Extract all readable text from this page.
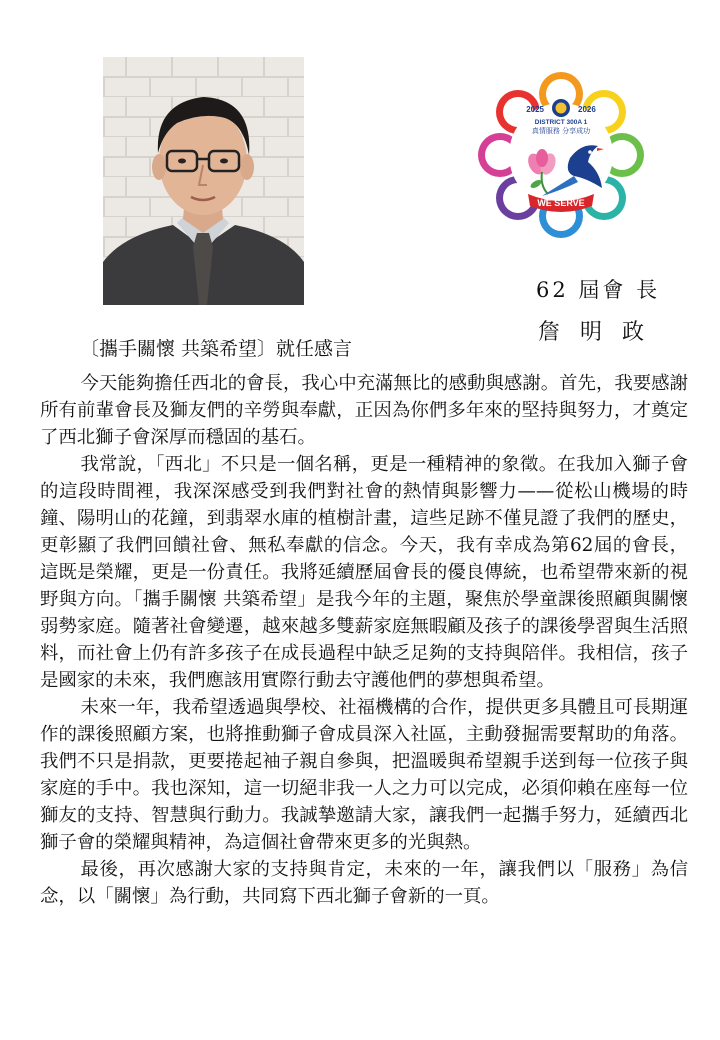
2025	2026
DISTRICT 300A 1
真情服務 分享成功
WE SERVE
62 屆會 長
詹明政
〔攜手關懷 共築希望〕就任感言

今天能夠擔任西北的會長，我心中充滿無比的感動與感謝。首先，我要感謝所有前輩會長及獅友們的辛勞與奉獻，正因為你們多年來的堅持與努力，才奠定了西北獅子會深厚而穩固的基石。

我常說，「西北」不只是一個名稱，更是一種精神的象徵。在我加入獅子會的這段時間裡，我深深感受到我們對社會的熱情與影響力——從松山機場的時鐘、陽明山的花鐘，到翡翠水庫的植樹計畫，這些足跡不僅見證了我們的歷史，更彰顯了我們回饋社會、無私奉獻的信念。今天，我有幸成為第62屆的會長，這既是榮耀，更是一份責任。我將延續歷屆會長的優良傳統，也希望帶來新的視野與方向。「攜手關懷 共築希望」是我今年的主題，聚焦於學童課後照顧與關懷弱勢家庭。隨著社會變遷，越來越多雙薪家庭無暇顧及孩子的課後學習與生活照料，而社會上仍有許多孩子在成長過程中缺乏足夠的支持與陪伴。我相信，孩子是國家的未來，我們應該用實際行動去守護他們的夢想與希望。

未來一年，我希望透過與學校、社福機構的合作，提供更多具體且可長期運作的課後照顧方案，也將推動獅子會成員深入社區，主動發掘需要幫助的角落。我們不只是捐款，更要捲起袖子親自參與，把溫暖與希望親手送到每一位孩子與家庭的手中。我也深知，這一切絕非我一人之力可以完成，必須仰賴在座每一位獅友的支持、智慧與行動力。我誠摯邀請大家，讓我們一起攜手努力，延續西北獅子會的榮耀與精神，為這個社會帶來更多的光與熱。

最後，再次感謝大家的支持與肯定，未來的一年，讓我們以「服務」為信念，以「關懷」為行動，共同寫下西北獅子會新的一頁。
